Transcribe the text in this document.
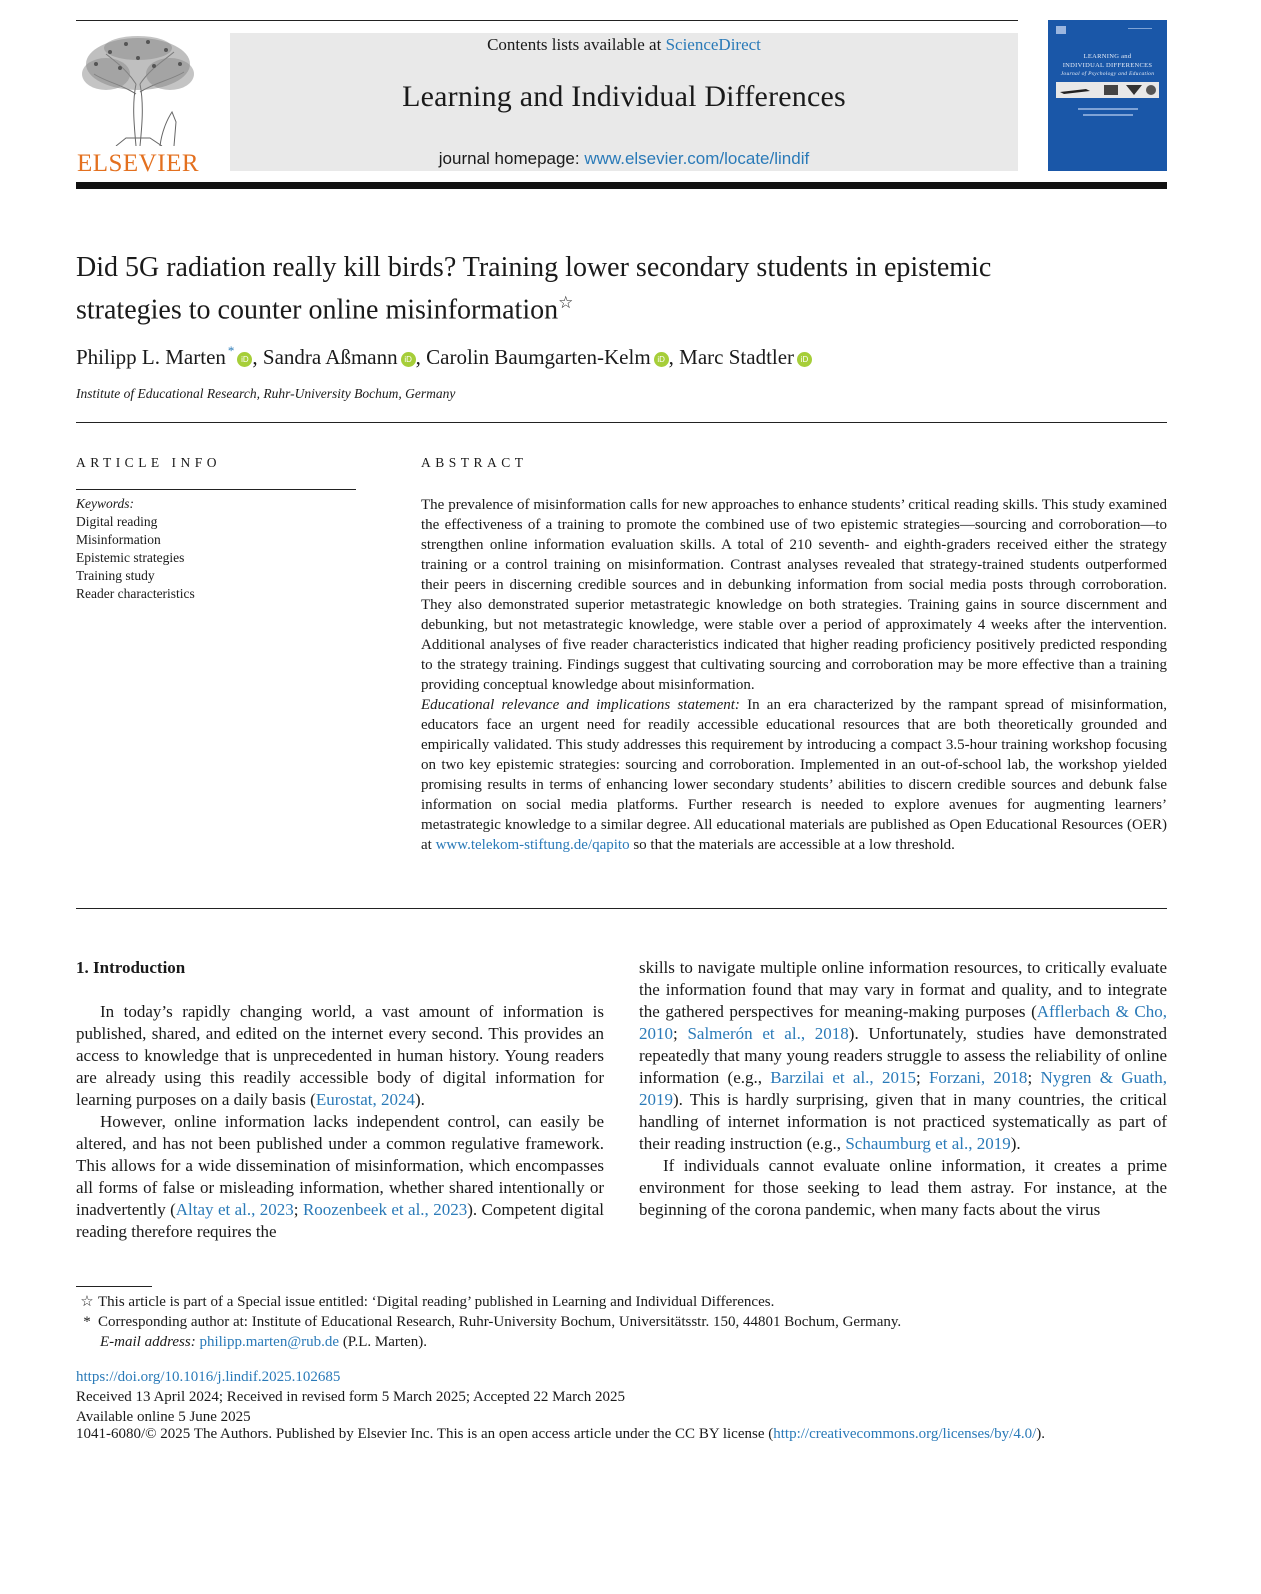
ELSEVIER
Contents lists available at ScienceDirect
Learning and Individual Differences
journal homepage: www.elsevier.com/locate/lindif
LEARNING and
INDIVIDUAL DIFFERENCES
Journal of Psychology and Education
Did 5G radiation really kill birds? Training lower secondary students in epistemic strategies to counter online misinformation☆
Philipp L. Marten *iD , Sandra Aßmann iD , Carolin Baumgarten-Kelm iD , Marc Stadtler iD
Institute of Educational Research, Ruhr-University Bochum, Germany
ARTICLE INFO	ABSTRACT
Keywords:
Digital reading
Misinformation
Epistemic strategies
Training study
Reader characteristics

The prevalence of misinformation calls for new approaches to enhance students’ critical reading skills. This study examined the effectiveness of a training to promote the combined use of two epistemic strategies—sourcing and corroboration—to strengthen online information evaluation skills. A total of 210 seventh- and eighth-graders received either the strategy training or a control training on misinformation. Contrast analyses revealed that strategy-trained students outperformed their peers in discerning credible sources and in debunking information from social media posts through corroboration. They also demonstrated superior metastrategic knowledge on both strategies. Training gains in source discernment and debunking, but not metastrategic knowledge, were stable over a period of approximately 4 weeks after the intervention. Additional analyses of five reader characteristics indicated that higher reading proficiency positively predicted responding to the strategy training. Findings suggest that cultivating sourcing and corroboration may be more effective than a training providing conceptual knowledge about misinformation.

Educational relevance and implications statement: In an era characterized by the rampant spread of misinformation, educators face an urgent need for readily accessible educational resources that are both theoretically grounded and empirically validated. This study addresses this requirement by introducing a compact 3.5-hour training workshop focusing on two key epistemic strategies: sourcing and corroboration. Implemented in an out-of-school lab, the workshop yielded promising results in terms of enhancing lower secondary students’ abilities to discern credible sources and debunk false information on social media platforms. Further research is needed to explore avenues for augmenting learners’ metastrategic knowledge to a similar degree. All educational materials are published as Open Educational Resources (OER) at www.telekom-stiftung.de/qapito so that the materials are accessible at a low threshold.

1. Introduction

In today’s rapidly changing world, a vast amount of information is published, shared, and edited on the internet every second. This provides an access to knowledge that is unprecedented in human history. Young readers are already using this readily accessible body of digital information for learning purposes on a daily basis (Eurostat, 2024).

However, online information lacks independent control, can easily be altered, and has not been published under a common regulative framework. This allows for a wide dissemination of misinformation, which encompasses all forms of false or misleading information, whether shared intentionally or inadvertently (Altay et al., 2023; Roozenbeek et al., 2023). Competent digital reading therefore requires the

skills to navigate multiple online information resources, to critically evaluate the information found that may vary in format and quality, and to integrate the gathered perspectives for meaning-making purposes (Afflerbach & Cho, 2010; Salmerón et al., 2018). Unfortunately, studies have demonstrated repeatedly that many young readers struggle to assess the reliability of online information (e.g., Barzilai et al., 2015; Forzani, 2018; Nygren & Guath, 2019). This is hardly surprising, given that in many countries, the critical handling of internet information is not practiced systematically as part of their reading instruction (e.g., Schaumburg et al., 2019).

If individuals cannot evaluate online information, it creates a prime environment for those seeking to lead them astray. For instance, at the beginning of the corona pandemic, when many facts about the virus

☆ This article is part of a Special issue entitled: ‘Digital reading’ published in Learning and Individual Differences.
* Corresponding author at: Institute of Educational Research, Ruhr-University Bochum, Universitätsstr. 150, 44801 Bochum, Germany.
E-mail address: philipp.marten@rub.de (P.L. Marten).
https://doi.org/10.1016/j.lindif.2025.102685
Received 13 April 2024; Received in revised form 5 March 2025; Accepted 22 March 2025
Available online 5 June 2025
1041-6080/© 2025 The Authors. Published by Elsevier Inc. This is an open access article under the CC BY license (http://creativecommons.org/licenses/by/4.0/).
